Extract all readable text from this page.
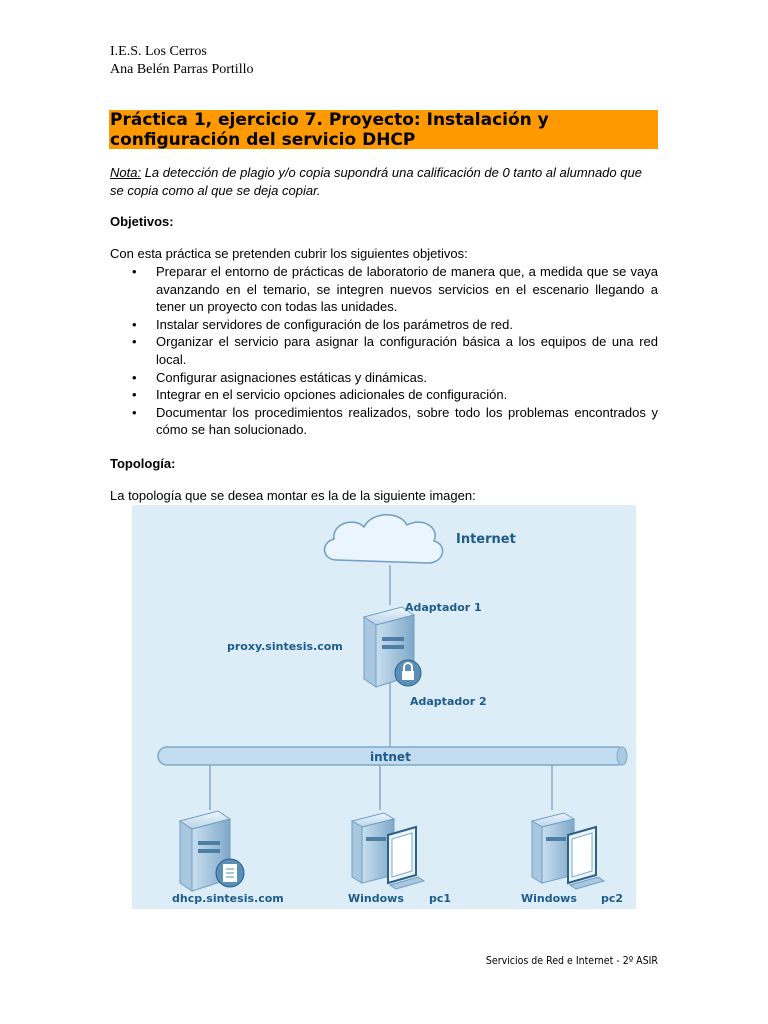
I.E.S. Los Cerros
Ana Belén Parras Portillo
Práctica 1, ejercicio 7. Proyecto: Instalación y configuración del servicio DHCP
Nota: La detección de plagio y/o copia supondrá una calificación de 0 tanto al alumnado que se copia como al que se deja copiar.
Objetivos:
Con esta práctica se pretenden cubrir los siguientes objetivos:
• Preparar el entorno de prácticas de laboratorio de manera que, a medida que se vaya avanzando en el temario, se integren nuevos servicios en el escenario llegando a tener un proyecto con todas las unidades.
• Instalar servidores de configuración de los parámetros de red.
• Organizar el servicio para asignar la configuración básica a los equipos de una red local.
• Configurar asignaciones estáticas y dinámicas.
• Integrar en el servicio opciones adicionales de configuración.
• Documentar los procedimientos realizados, sobre todo los problemas encontrados y cómo se han solucionado.
Topología:
La topología que se desea montar es la de la siguiente imagen:
Internet
Adaptador 1
proxy.sintesis.com
Adaptador 2
intnet
dhcp.sintesis.com	Windows pc1	Windows pc2
Servicios de Red e Internet - 2º ASIR
